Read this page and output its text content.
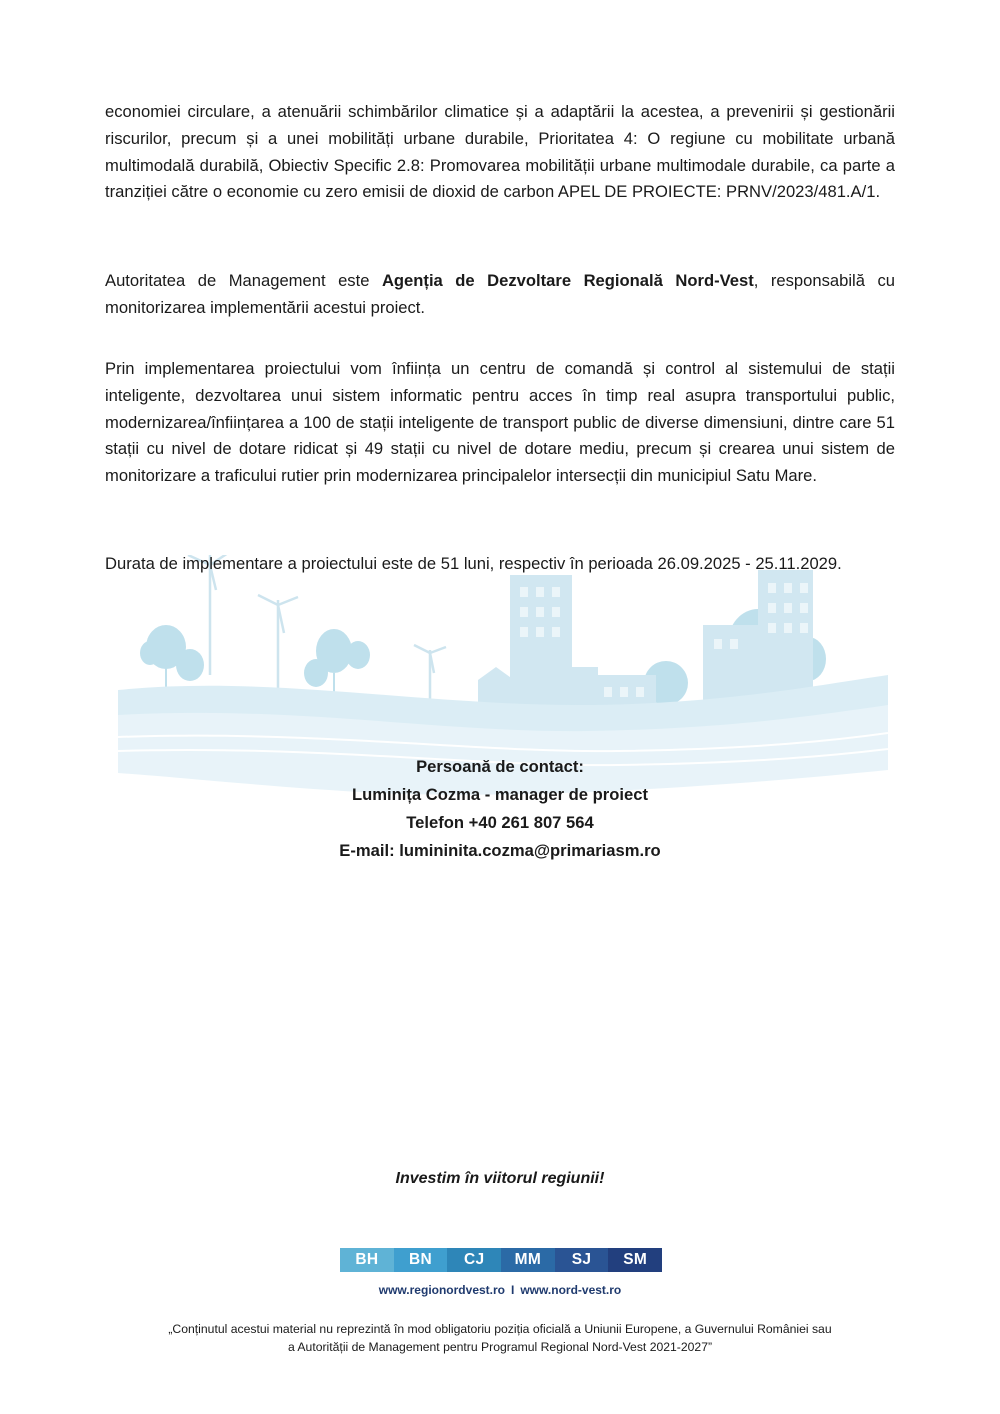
economiei circulare, a atenuării schimbărilor climatice și a adaptării la acestea, a prevenirii și gestionării riscurilor, precum și a unei mobilități urbane durabile, Prioritatea 4: O regiune cu mobilitate urbană multimodală durabilă, Obiectiv Specific 2.8: Promovarea mobilității urbane multimodale durabile, ca parte a tranziției către o economie cu zero emisii de dioxid de carbon APEL DE PROIECTE: PRNV/2023/481.A/1.

Autoritatea de Management este Agenția de Dezvoltare Regională Nord-Vest, responsabilă cu monitorizarea implementării acestui proiect.

Prin implementarea proiectului vom înființa un centru de comandă și control al sistemului de stații inteligente, dezvoltarea unui sistem informatic pentru acces în timp real asupra transportului public, modernizarea/înființarea a 100 de stații inteligente de transport public de diverse dimensiuni, dintre care 51 stații cu nivel de dotare ridicat și 49 stații cu nivel de dotare mediu, precum și crearea unui sistem de monitorizare a traficului rutier prin modernizarea principalelor intersecții din municipiul Satu Mare.

Durata de implementare a proiectului este de 51 luni, respectiv în perioada 26.09.2025 - 25.11.2029.

Persoană de contact:
Luminița Cozma - manager de proiect
Telefon +40 261 807 564
E-mail: lumininita.cozma@primariasm.ro
Investim în viitorul regiunii!
BH	BN	CJ	MM	SJ	SM
www.regionordvest.ro I www.nord-vest.ro
„Conținutul acestui material nu reprezintă în mod obligatoriu poziția oficială a Uniunii Europene, a Guvernului României sau
a Autorității de Management pentru Programul Regional Nord-Vest 2021-2027”
